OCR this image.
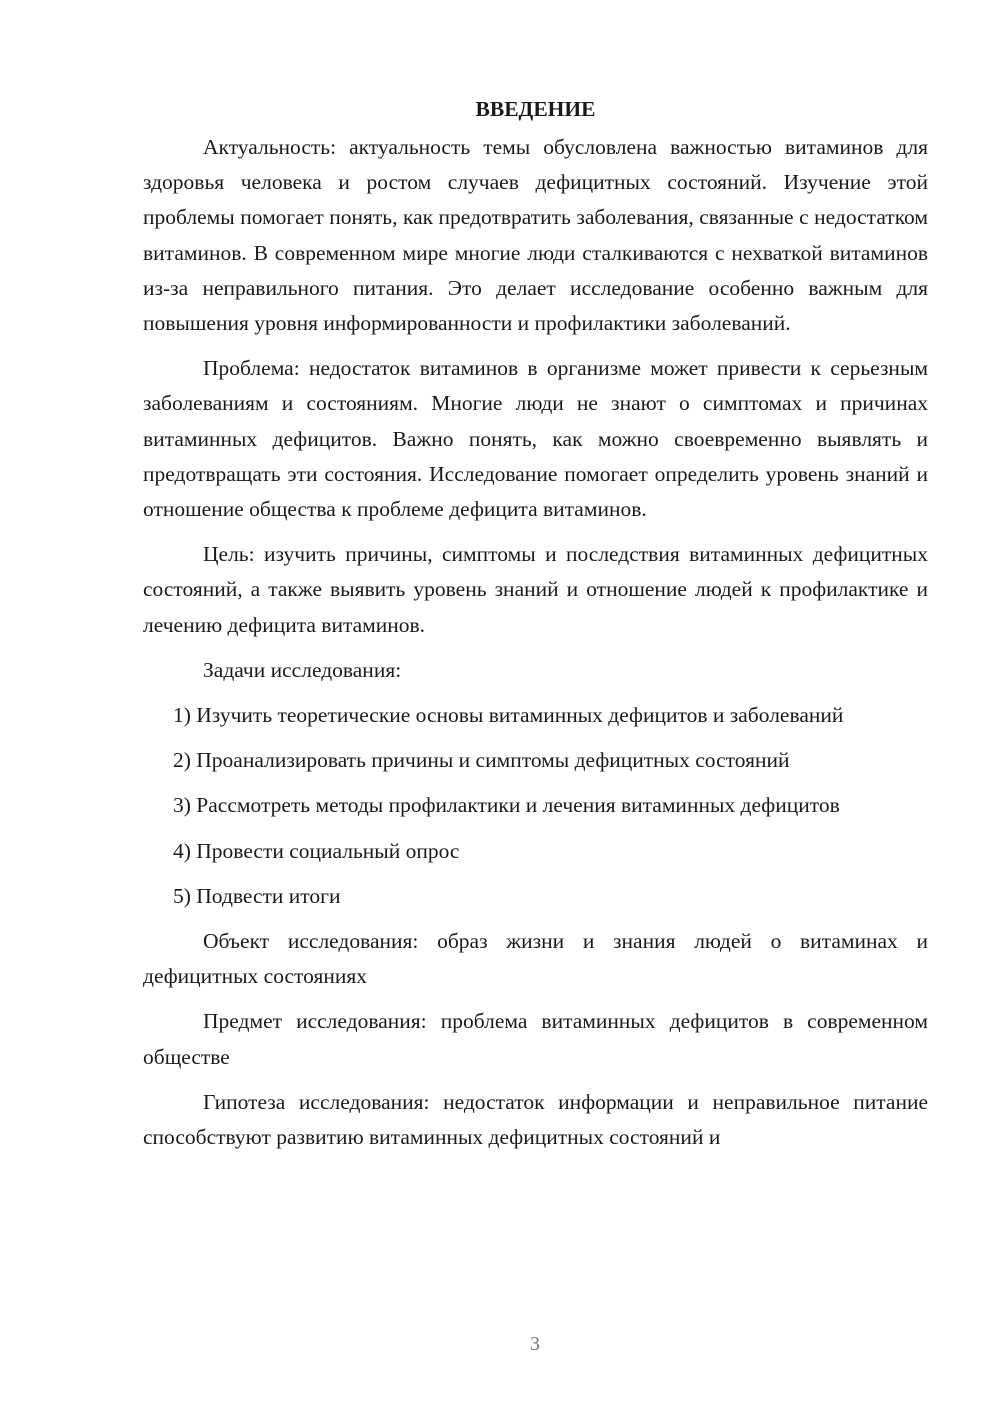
ВВЕДЕНИЕ

Актуальность: актуальность темы обусловлена важностью витаминов для здоровья человека и ростом случаев дефицитных состояний. Изучение этой проблемы помогает понять, как предотвратить заболевания, связанные с недостатком витаминов. В современном мире многие люди сталкиваются с нехваткой витаминов из-за неправильного питания. Это делает исследование особенно важным для повышения уровня информированности и профилактики заболеваний.

Проблема: недостаток витаминов в организме может привести к серьезным заболеваниям и состояниям. Многие люди не знают о симптомах и причинах витаминных дефицитов. Важно понять, как можно своевременно выявлять и предотвращать эти состояния. Исследование помогает определить уровень знаний и отношение общества к проблеме дефицита витаминов.

Цель: изучить причины, симптомы и последствия витаминных дефицитных состояний, а также выявить уровень знаний и отношение людей к профилактике и лечению дефицита витаминов.

Задачи исследования:

1) Изучить теоретические основы витаминных дефицитов и заболеваний

2) Проанализировать причины и симптомы дефицитных состояний

3) Рассмотреть методы профилактики и лечения витаминных дефицитов

4) Провести социальный опрос

5) Подвести итоги

Объект исследования: образ жизни и знания людей о витаминах и дефицитных состояниях

Предмет исследования: проблема витаминных дефицитов в современном обществе

Гипотеза исследования: недостаток информации и неправильное питание способствуют развитию витаминных дефицитных состояний и

3
